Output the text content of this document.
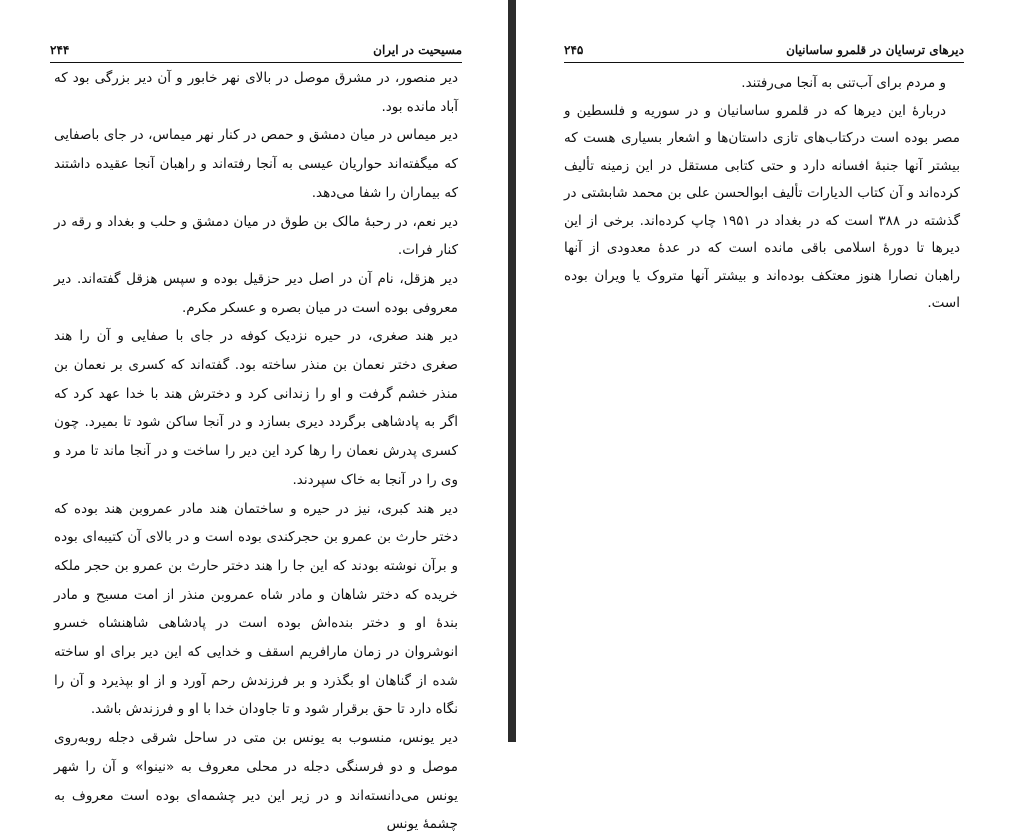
مسیحیت در ایران
۲۴۴

دیر منصور، در مشرق موصل در بالای نهر خابور و آن دیر بزرگی بود که آباد مانده بود.

دیر میماس در میان دمشق و حمص در کنار نهر میماس، در جای باصفایی که میگفته‌اند حواریان عیسی به آنجا رفته‌اند و راهبان آنجا عقیده داشتند که بیماران را شفا می‌دهد.

دیر نعم، در رحبهٔ مالک بن طوق در میان دمشق و حلب و بغداد و رقه در کنار فرات.

دیر هزقل، نام آن در اصل دیر حزقیل بوده و سپس هزقل گفته‌اند. دیر معروفی بوده است در میان بصره و عسکر مکرم.

دیر هند صغری، در حیره نزدیک کوفه در جای با صفایی و آن را هند صغری دختر نعمان بن منذر ساخته بود. گفته‌اند که کسری بر نعمان بن منذر خشم گرفت و او را زندانی کرد و دخترش هند با خدا عهد کرد که اگر به پادشاهی برگردد دیری بسازد و در آنجا ساکن شود تا بمیرد. چون کسری پدرش نعمان را رها کرد این دیر را ساخت و در آنجا ماند تا مرد و وی را در آنجا به خاک سپردند.

دیر هند کبری، نیز در حیره و ساختمان هند مادر عمروبن هند بوده که دختر حارث بن عمرو بن حجرکندی بوده است و در بالای آن کتیبه‌ای بوده و برآن نوشته بودند که این جا را هند دختر حارث بن عمرو بن حجر ملکه خریده که دختر شاهان و مادر شاه عمروبن منذر از امت مسیح و مادر بندهٔ او و دختر بنده‌اش بوده است در پادشاهی شاهنشاه خسرو انوشروان در زمان مارافریم اسقف و خدایی که این دیر برای او ساخته شده از گناهان او بگذرد و بر فرزندش رحم آورد و از او بپذیرد و آن را نگاه دارد تا حق برقرار شود و تا جاودان خدا با او و فرزندش باشد.

دیر یونس، منسوب به یونس بن متی در ساحل شرقی دجله روبه‌روی موصل و دو فرسنگی دجله در محلی معروف به «نینوا» و آن را شهر یونس می‌دانسته‌اند و در زیر این دیر چشمه‌ای بوده است معروف به چشمهٔ یونس

دیرهای ترسایان در قلمرو ساسانیان
۲۴۵

و مردم برای آب‌تنی به آنجا می‌رفتند.

دربارهٔ این دیرها که در قلمرو ساسانیان و در سوریه و فلسطین و مصر بوده است درکتاب‌های تازی داستان‌ها و اشعار بسیاری هست که بیشتر آنها جنبهٔ افسانه دارد و حتی کتابی مستقل در این زمینه تألیف کرده‌اند و آن کتاب الدیارات تألیف ابوالحسن علی بن محمد شابشتی در گذشته در ۳۸۸ است که در بغداد در ۱۹۵۱ چاپ کرده‌اند. برخی از این دیرها تا دورهٔ اسلامی باقی مانده است که در عدهٔ معدودی از آنها راهبان نصارا هنوز معتکف بوده‌اند و بیشتر آنها متروک یا ویران بوده است.
